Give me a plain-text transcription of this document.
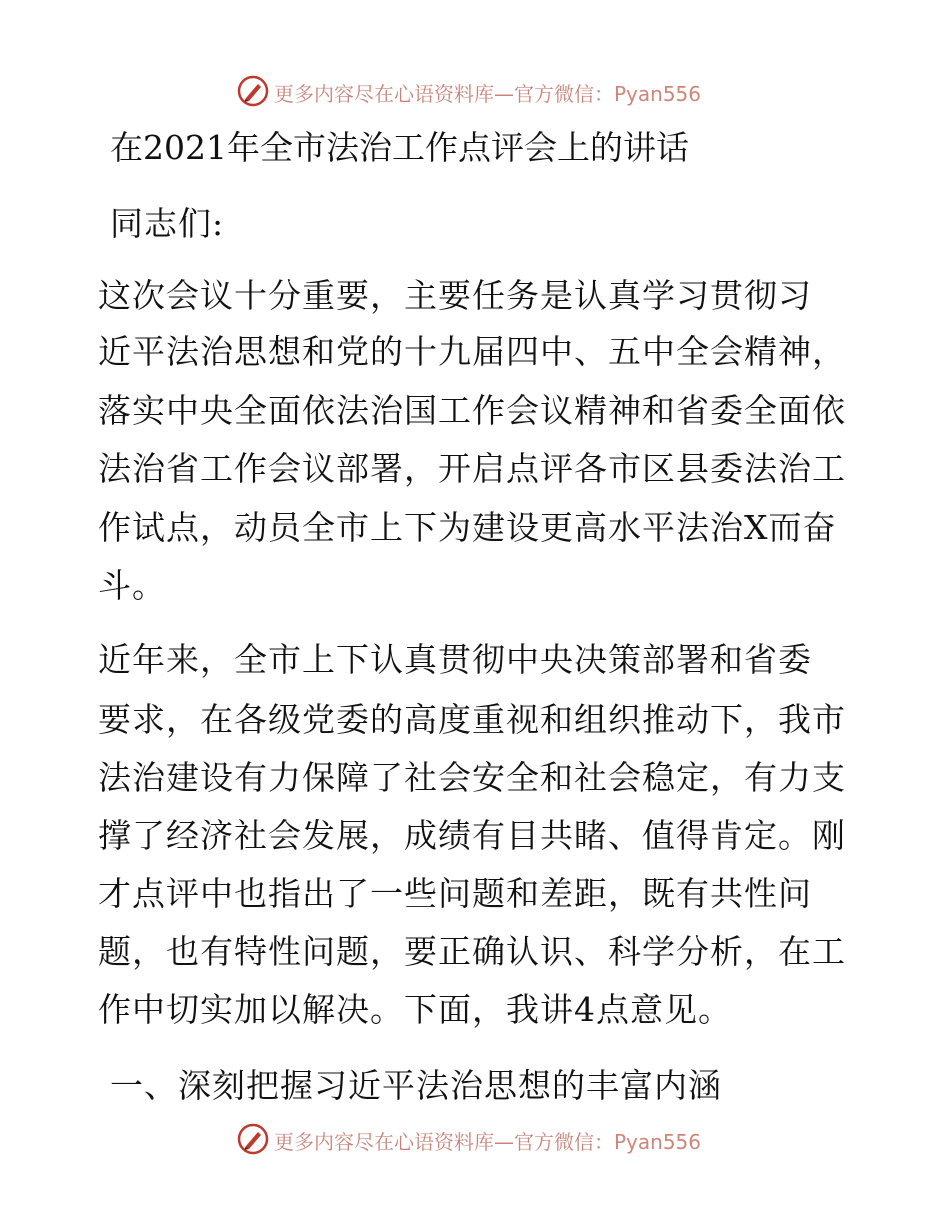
更多内容尽在心语资料库—官方微信：Pyan556
在2021年全市法治工作点评会上的讲话
同志们:
这次会议十分重要，主要任务是认真学习贯彻习
近平法治思想和党的十九届四中、五中全会精神，
落实中央全面依法治国工作会议精神和省委全面依
法治省工作会议部署，开启点评各市区县委法治工
作试点，动员全市上下为建设更高水平法治X而奋
斗。
近年来，全市上下认真贯彻中央决策部署和省委
要求，在各级党委的高度重视和组织推动下，我市
法治建设有力保障了社会安全和社会稳定，有力支
撑了经济社会发展，成绩有目共睹、值得肯定。刚
才点评中也指出了一些问题和差距，既有共性问
题，也有特性问题，要正确认识、科学分析，在工
作中切实加以解决。下面，我讲4点意见。
一、深刻把握习近平法治思想的丰富内涵
更多内容尽在心语资料库—官方微信：Pyan556
